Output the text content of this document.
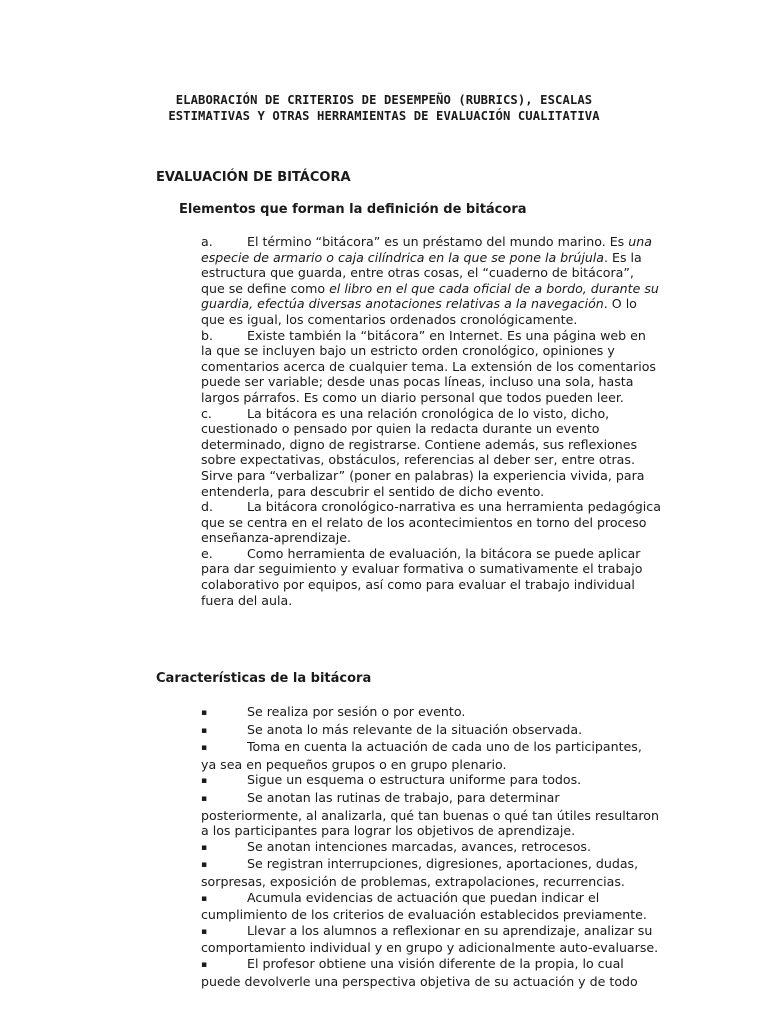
ELABORACIÓN DE CRITERIOS DE DESEMPEÑO (RUBRICS), ESCALAS ESTIMATIVAS Y OTRAS HERRAMIENTAS DE EVALUACIÓN CUALITATIVA
EVALUACIÓN DE BITÁCORA
Elementos que forman la definición de bitácora

a.	El término “bitácora” es un préstamo del mundo marino. Es una especie de armario o caja cilíndrica en la que se pone la brújula. Es la estructura que guarda, entre otras cosas, el “cuaderno de bitácora”, que se define como el libro en el que cada oficial de a bordo, durante su guardia, efectúa diversas anotaciones relativas a la navegación. O lo que es igual, los comentarios ordenados cronológicamente.

b.	Existe también la “bitácora” en Internet. Es una página web en la que se incluyen bajo un estricto orden cronológico, opiniones y comentarios acerca de cualquier tema. La extensión de los comentarios puede ser variable; desde unas pocas líneas, incluso una sola, hasta largos párrafos. Es como un diario personal que todos pueden leer.

c.	La bitácora es una relación cronológica de lo visto, dicho, cuestionado o pensado por quien la redacta durante un evento determinado, digno de registrarse. Contiene además, sus reflexiones sobre expectativas, obstáculos, referencias al deber ser, entre otras. Sirve para “verbalizar” (poner en palabras) la experiencia vivida, para entenderla, para descubrir el sentido de dicho evento.

d.	La bitácora cronológico-narrativa es una herramienta pedagógica que se centra en el relato de los acontecimientos en torno del proceso enseñanza-aprendizaje.

e.	Como herramienta de evaluación, la bitácora se puede aplicar para dar seguimiento y evaluar formativa o sumativamente el trabajo colaborativo por equipos, así como para evaluar el trabajo individual fuera del aula.

Características de la bitácora

▪	Se realiza por sesión o por evento.

▪	Se anota lo más relevante de la situación observada.

▪	Toma en cuenta la actuación de cada uno de los participantes, ya sea en pequeños grupos o en grupo plenario.

▪	Sigue un esquema o estructura uniforme para todos.

▪	Se anotan las rutinas de trabajo, para determinar posteriormente, al analizarla, qué tan buenas o qué tan útiles resultaron a los participantes para lograr los objetivos de aprendizaje.

▪	Se anotan intenciones marcadas, avances, retrocesos.

▪	Se registran interrupciones, digresiones, aportaciones, dudas, sorpresas, exposición de problemas, extrapolaciones, recurrencias.

▪	Acumula evidencias de actuación que puedan indicar el cumplimiento de los criterios de evaluación establecidos previamente.

▪	Llevar a los alumnos a reflexionar en su aprendizaje, analizar su comportamiento individual y en grupo y adicionalmente auto-evaluarse.

▪	El profesor obtiene una visión diferente de la propia, lo cual puede devolverle una perspectiva objetiva de su actuación y de todo
